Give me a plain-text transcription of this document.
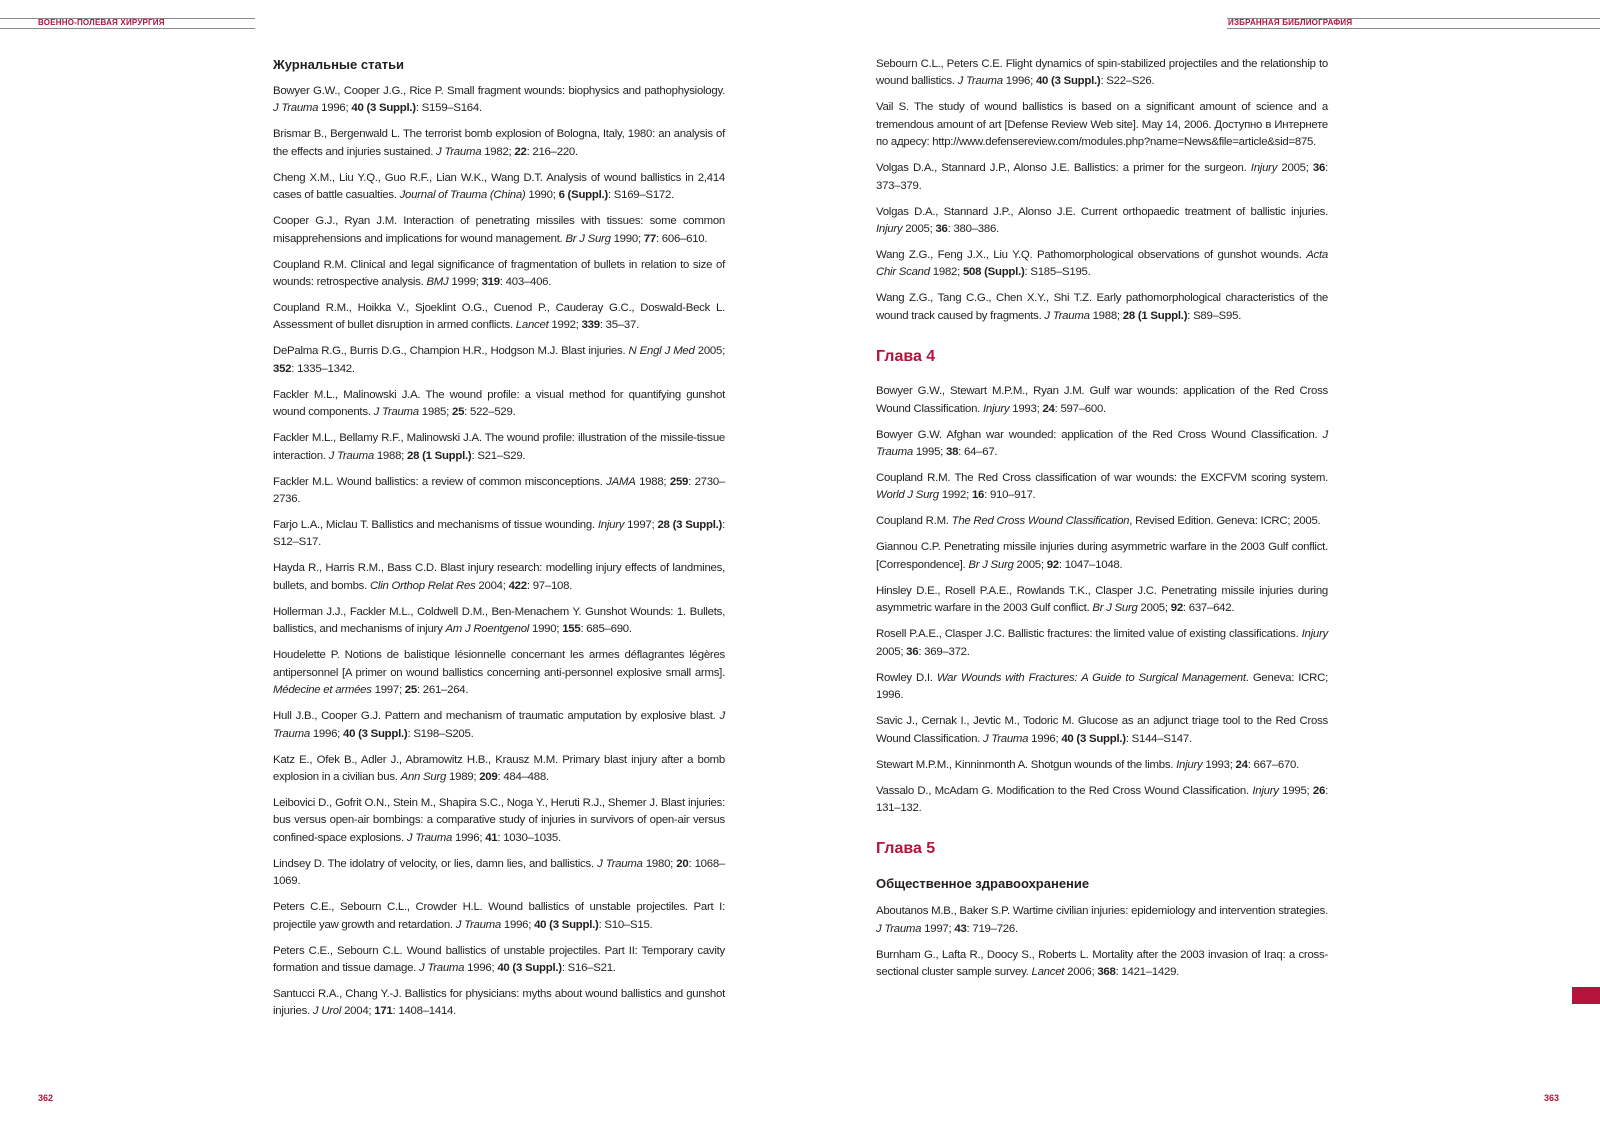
ВОЕННО-ПОЛЕВАЯ ХИРУРГИЯ	ИЗБРАННАЯ БИБЛИОГРАФИЯ
Журнальные статьи

Bowyer G.W., Cooper J.G., Rice P. Small fragment wounds: biophysics and pathophysiology. J Trauma 1996; 40 (3 Suppl.): S159–S164.

Brismar B., Bergenwald L. The terrorist bomb explosion of Bologna, Italy, 1980: an analysis of the effects and injuries sustained. J Trauma 1982; 22: 216–220.

Cheng X.M., Liu Y.Q., Guo R.F., Lian W.K., Wang D.T. Analysis of wound ballistics in 2,414 cases of battle casualties. Journal of Trauma (China) 1990; 6 (Suppl.): S169–S172.

Cooper G.J., Ryan J.M. Interaction of penetrating missiles with tissues: some common misapprehensions and implications for wound management. Br J Surg 1990; 77: 606–610.

Coupland R.M. Clinical and legal significance of fragmentation of bullets in relation to size of wounds: retrospective analysis. BMJ 1999; 319: 403–406.

Coupland R.M., Hoikka V., Sjoeklint O.G., Cuenod P., Cauderay G.C., Doswald-Beck L. Assessment of bullet disruption in armed conflicts. Lancet 1992; 339: 35–37.

DePalma R.G., Burris D.G., Champion H.R., Hodgson M.J. Blast injuries. N Engl J Med 2005; 352: 1335–1342.

Fackler M.L., Malinowski J.A. The wound profile: a visual method for quantifying gunshot wound components. J Trauma 1985; 25: 522–529.

Fackler M.L., Bellamy R.F., Malinowski J.A. The wound profile: illustration of the missile-tissue interaction. J Trauma 1988; 28 (1 Suppl.): S21–S29.

Fackler M.L. Wound ballistics: a review of common misconceptions. JAMA 1988; 259: 2730–2736.

Farjo L.A., Miclau T. Ballistics and mechanisms of tissue wounding. Injury 1997; 28 (3 Suppl.): S12–S17.

Hayda R., Harris R.M., Bass C.D. Blast injury research: modelling injury effects of landmines, bullets, and bombs. Clin Orthop Relat Res 2004; 422: 97–108.

Hollerman J.J., Fackler M.L., Coldwell D.M., Ben-Menachem Y. Gunshot Wounds: 1. Bullets, ballistics, and mechanisms of injury Am J Roentgenol 1990; 155: 685–690.

Houdelette P. Notions de balistique lésionnelle concernant les armes déflagrantes légères antipersonnel [A primer on wound ballistics concerning anti-personnel explosive small arms]. Médecine et armées 1997; 25: 261–264.

Hull J.B., Cooper G.J. Pattern and mechanism of traumatic amputation by explosive blast. J Trauma 1996; 40 (3 Suppl.): S198–S205.

Katz E., Ofek B., Adler J., Abramowitz H.B., Krausz M.M. Primary blast injury after a bomb explosion in a civilian bus. Ann Surg 1989; 209: 484–488.

Leibovici D., Gofrit O.N., Stein M., Shapira S.C., Noga Y., Heruti R.J., Shemer J. Blast injuries: bus versus open-air bombings: a comparative study of injuries in survivors of open-air versus confined-space explosions. J Trauma 1996; 41: 1030–1035.

Lindsey D. The idolatry of velocity, or lies, damn lies, and ballistics. J Trauma 1980; 20: 1068–1069.

Peters C.E., Sebourn C.L., Crowder H.L. Wound ballistics of unstable projectiles. Part I: projectile yaw growth and retardation. J Trauma 1996; 40 (3 Suppl.): S10–S15.

Peters C.E., Sebourn C.L. Wound ballistics of unstable projectiles. Part II: Temporary cavity formation and tissue damage. J Trauma 1996; 40 (3 Suppl.): S16–S21.

Santucci R.A., Chang Y.-J. Ballistics for physicians: myths about wound ballistics and gunshot injuries. J Urol 2004; 171: 1408–1414.

Sebourn C.L., Peters C.E. Flight dynamics of spin-stabilized projectiles and the relationship to wound ballistics. J Trauma 1996; 40 (3 Suppl.): S22–S26.

Vail S. The study of wound ballistics is based on a significant amount of science and a tremendous amount of art [Defense Review Web site]. May 14, 2006. Доступно в Интернете по адресу: http://www.defensereview.com/modules.php?name=News&file=article&sid=875.

Volgas D.A., Stannard J.P., Alonso J.E. Ballistics: a primer for the surgeon. Injury 2005; 36: 373–379.

Volgas D.A., Stannard J.P., Alonso J.E. Current orthopaedic treatment of ballistic injuries. Injury 2005; 36: 380–386.

Wang Z.G., Feng J.X., Liu Y.Q. Pathomorphological observations of gunshot wounds. Acta Chir Scand 1982; 508 (Suppl.): S185–S195.

Wang Z.G., Tang C.G., Chen X.Y., Shi T.Z. Early pathomorphological characteristics of the wound track caused by fragments. J Trauma 1988; 28 (1 Suppl.): S89–S95.

Глава 4

Bowyer G.W., Stewart M.P.M., Ryan J.M. Gulf war wounds: application of the Red Cross Wound Classification. Injury 1993; 24: 597–600.

Bowyer G.W. Afghan war wounded: application of the Red Cross Wound Classification. J Trauma 1995; 38: 64–67.

Coupland R.M. The Red Cross classification of war wounds: the EXCFVM scoring system. World J Surg 1992; 16: 910–917.

Coupland R.M. The Red Cross Wound Classification, Revised Edition. Geneva: ICRC; 2005.

Giannou C.P. Penetrating missile injuries during asymmetric warfare in the 2003 Gulf conflict. [Correspondence]. Br J Surg 2005; 92: 1047–1048.

Hinsley D.E., Rosell P.A.E., Rowlands T.K., Clasper J.C. Penetrating missile injuries during asymmetric warfare in the 2003 Gulf conflict. Br J Surg 2005; 92: 637–642.

Rosell P.A.E., Clasper J.C. Ballistic fractures: the limited value of existing classifications. Injury 2005; 36: 369–372.

Rowley D.I. War Wounds with Fractures: A Guide to Surgical Management. Geneva: ICRC; 1996.

Savic J., Cernak I., Jevtic M., Todoric M. Glucose as an adjunct triage tool to the Red Cross Wound Classification. J Trauma 1996; 40 (3 Suppl.): S144–S147.

Stewart M.P.M., Kinninmonth A. Shotgun wounds of the limbs. Injury 1993; 24: 667–670.

Vassalo D., McAdam G. Modification to the Red Cross Wound Classification. Injury 1995; 26: 131–132.

Глава 5
Общественное здравоохранение

Aboutanos M.B., Baker S.P. Wartime civilian injuries: epidemiology and intervention strategies. J Trauma 1997; 43: 719–726.

Burnham G., Lafta R., Doocy S., Roberts L. Mortality after the 2003 invasion of Iraq: a cross-sectional cluster sample survey. Lancet 2006; 368: 1421–1429.

362	363
